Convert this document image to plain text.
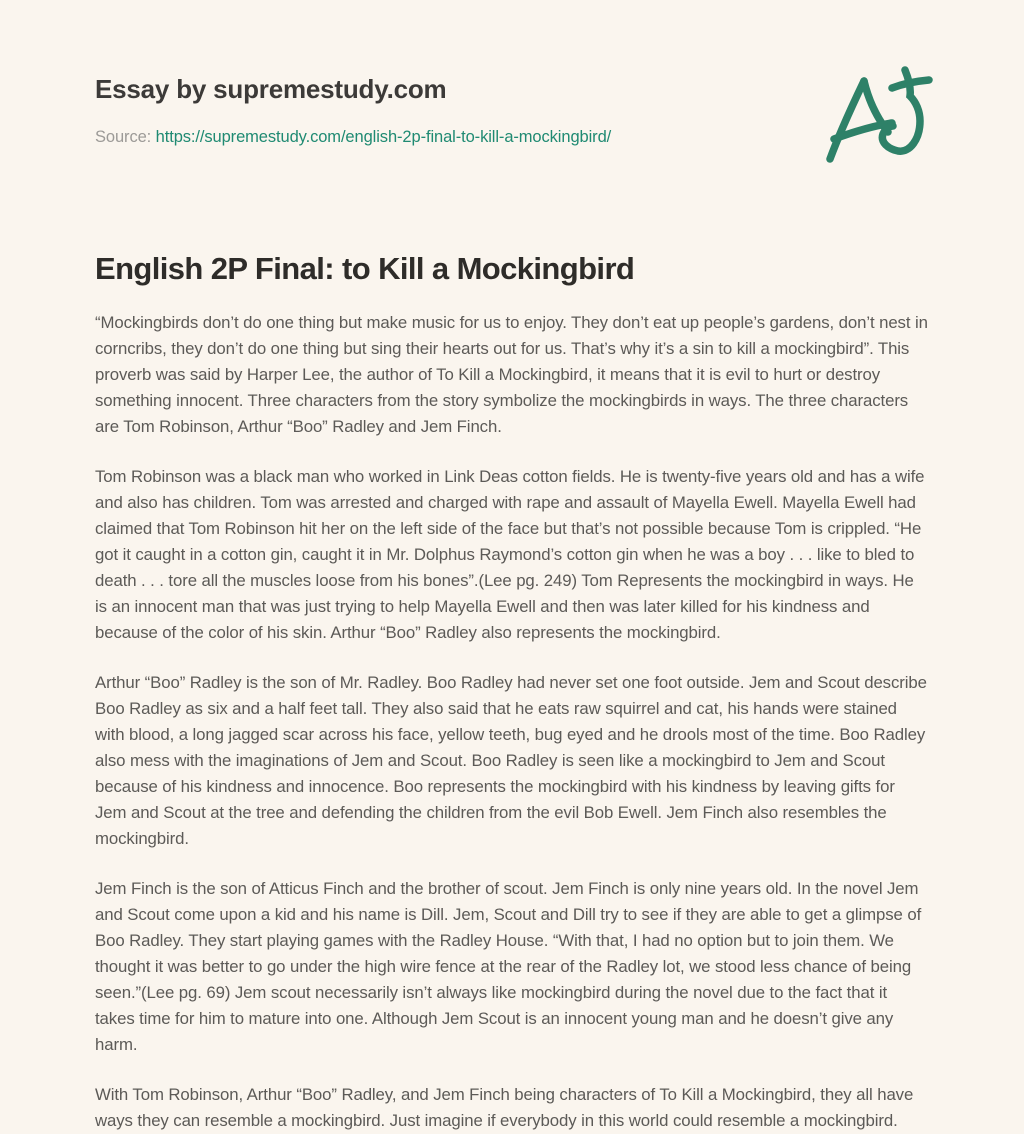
Essay by supremestudy.com
Source: https://supremestudy.com/english-2p-final-to-kill-a-mockingbird/
English 2P Final: to Kill a Mockingbird

“Mockingbirds don’t do one thing but make music for us to enjoy. They don’t eat up people’s gardens, don’t nest in corncribs, they don’t do one thing but sing their hearts out for us. That’s why it’s a sin to kill a mockingbird”. This proverb was said by Harper Lee, the author of To Kill a Mockingbird, it means that it is evil to hurt or destroy something innocent. Three characters from the story symbolize the mockingbirds in ways. The three characters are Tom Robinson, Arthur “Boo” Radley and Jem Finch.

Tom Robinson was a black man who worked in Link Deas cotton fields. He is twenty-five years old and has a wife and also has children. Tom was arrested and charged with rape and assault of Mayella Ewell. Mayella Ewell had claimed that Tom Robinson hit her on the left side of the face but that’s not possible because Tom is crippled. “He got it caught in a cotton gin, caught it in Mr. Dolphus Raymond’s cotton gin when he was a boy . . . like to bled to death . . . tore all the muscles loose from his bones”.(Lee pg. 249) Tom Represents the mockingbird in ways. He is an innocent man that was just trying to help Mayella Ewell and then was later killed for his kindness and because of the color of his skin. Arthur “Boo” Radley also represents the mockingbird.

Arthur “Boo” Radley is the son of Mr. Radley. Boo Radley had never set one foot outside. Jem and Scout describe Boo Radley as six and a half feet tall. They also said that he eats raw squirrel and cat, his hands were stained with blood, a long jagged scar across his face, yellow teeth, bug eyed and he drools most of the time. Boo Radley also mess with the imaginations of Jem and Scout. Boo Radley is seen like a mockingbird to Jem and Scout because of his kindness and innocence. Boo represents the mockingbird with his kindness by leaving gifts for Jem and Scout at the tree and defending the children from the evil Bob Ewell. Jem Finch also resembles the mockingbird.

Jem Finch is the son of Atticus Finch and the brother of scout. Jem Finch is only nine years old. In the novel Jem and Scout come upon a kid and his name is Dill. Jem, Scout and Dill try to see if they are able to get a glimpse of Boo Radley. They start playing games with the Radley House. “With that, I had no option but to join them. We thought it was better to go under the high wire fence at the rear of the Radley lot, we stood less chance of being seen.”(Lee pg. 69) Jem scout necessarily isn’t always like mockingbird during the novel due to the fact that it takes time for him to mature into one. Although Jem Scout is an innocent young man and he doesn’t give any harm.

With Tom Robinson, Arthur “Boo” Radley, and Jem Finch being characters of To Kill a Mockingbird, they all have ways they can resemble a mockingbird. Just imagine if everybody in this world could resemble a mockingbird.
